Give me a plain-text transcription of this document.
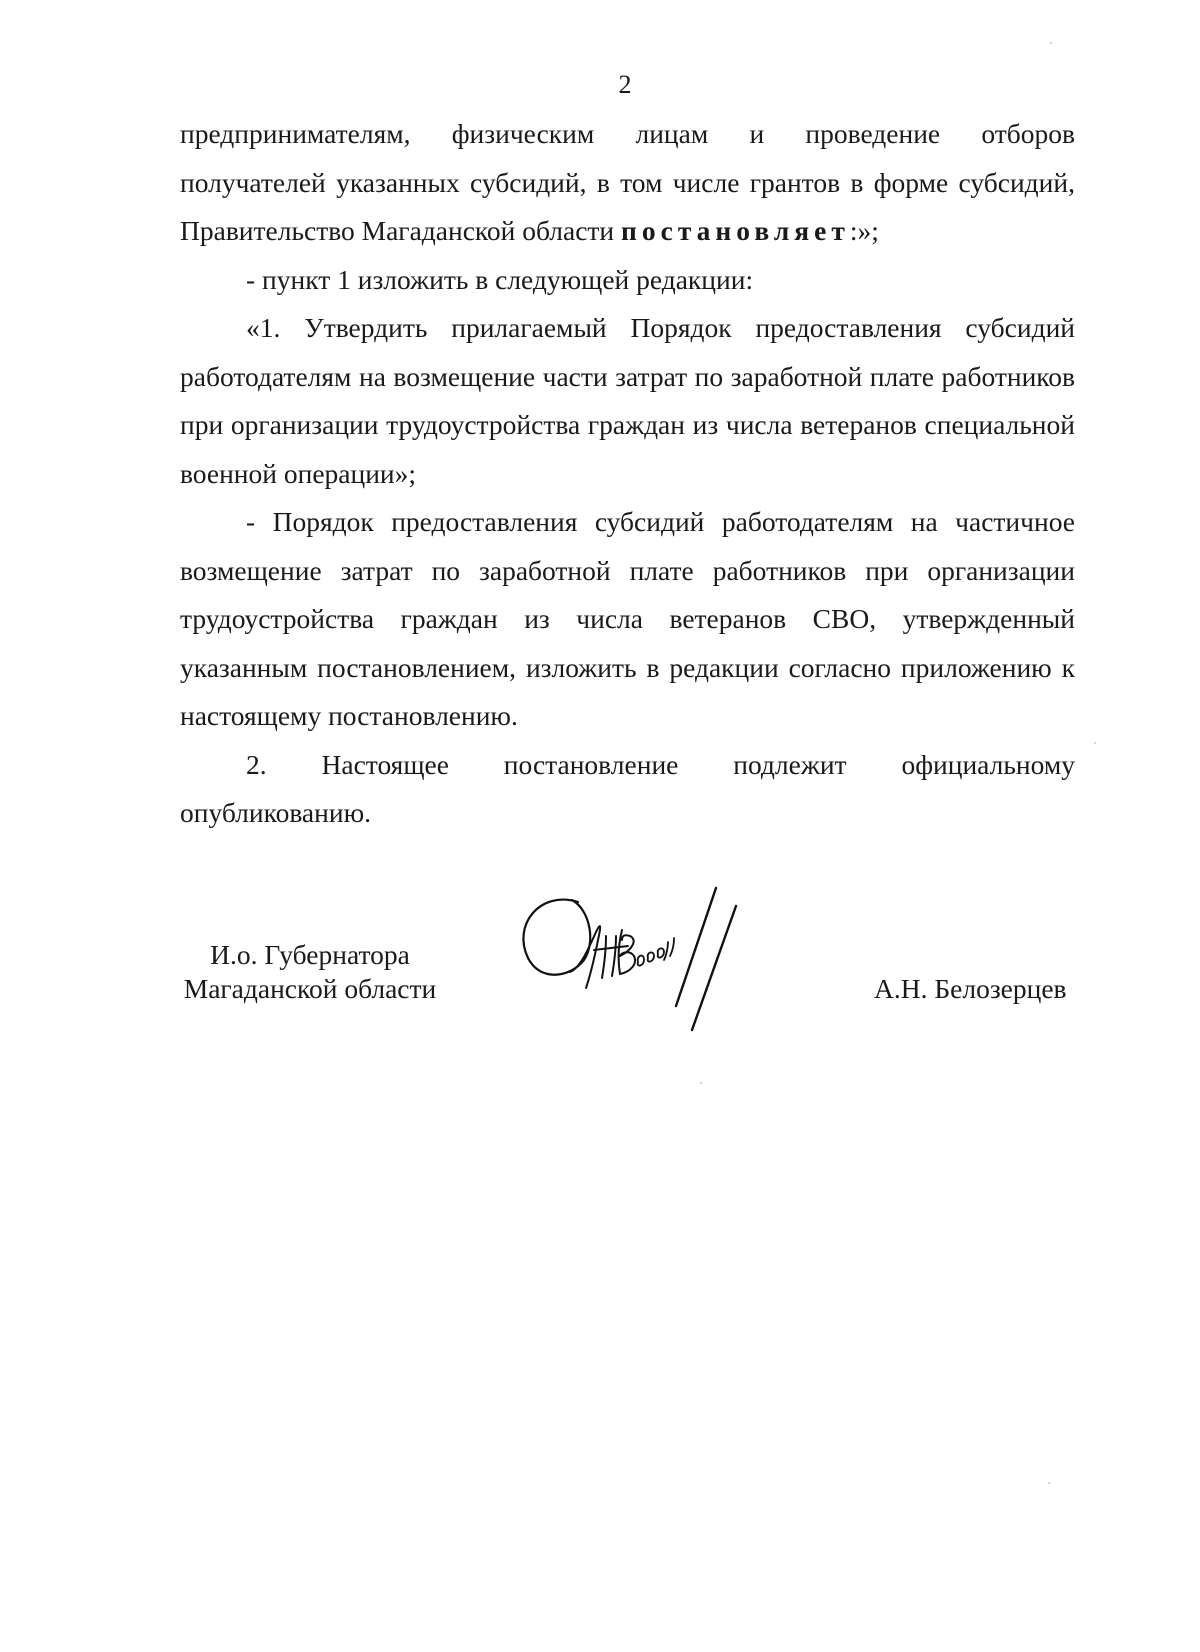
2

предпринимателям, физическим лицам и проведение отборов

получателей указанных субсидий, в том числе грантов в форме субсидий,

Правительство Магаданской области постановляет:»;

- пункт 1 изложить в следующей редакции:

«1. Утвердить прилагаемый Порядок предоставления субсидий работодателям на возмещение части затрат по заработной плате работников при организации трудоустройства граждан из числа ветеранов специальной военной операции»;

- Порядок предоставления субсидий работодателям на частичное возмещение затрат по заработной плате работников при организации трудоустройства граждан из числа ветеранов СВО, утвержденный указанным постановлением, изложить в редакции согласно приложению к настоящему постановлению.

2. Настоящее постановление подлежит официальному опубликованию.

И.о. Губернатора
Магаданской области	А.Н. Белозерцев
